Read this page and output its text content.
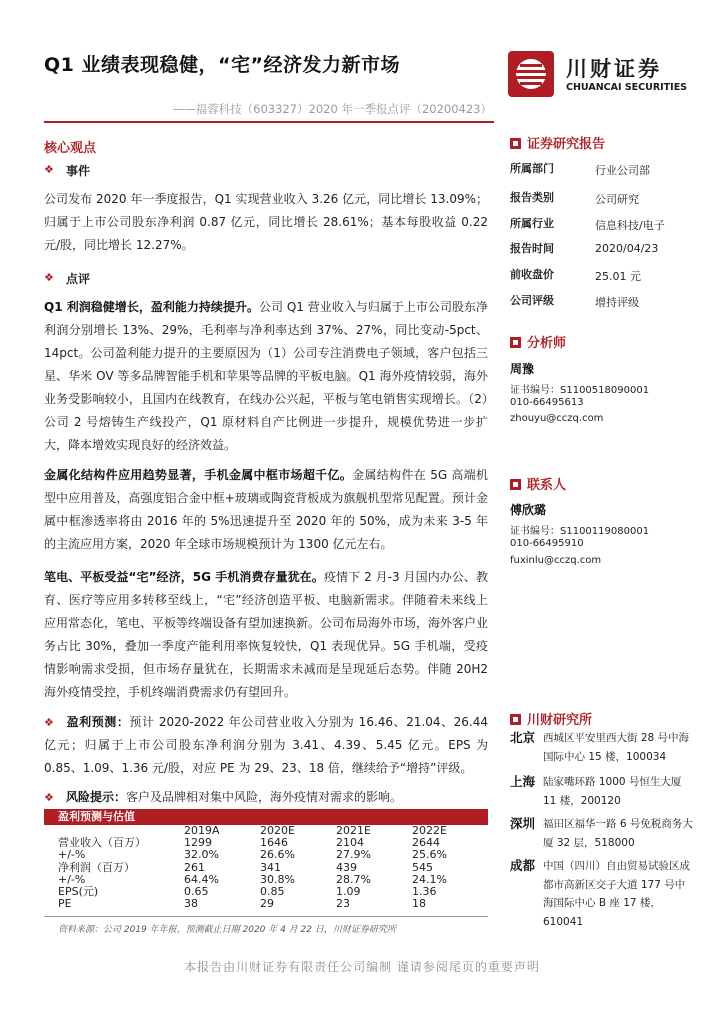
Q1 业绩表现稳健，“宅”经济发力新市场
——福蓉科技（603327）2020 年一季报点评（20200423）
川财证券
CHUANCAI SECURITIES
核心观点
❖ 事件
公司发布 2020 年一季度报告，Q1 实现营业收入 3.26 亿元，同比增长 13.09%；归属于上市公司股东净利润 0.87 亿元，同比增长 28.61%；基本每股收益 0.22 元/股，同比增长 12.27%。
❖ 点评
Q1 利润稳健增长，盈利能力持续提升。公司 Q1 营业收入与归属于上市公司股东净利润分别增长 13%、29%，毛利率与净利率达到 37%、27%，同比变动-5pct、14pct。公司盈利能力提升的主要原因为（1）公司专注消费电子领域，客户包括三星、华米 OV 等多品牌智能手机和苹果等品牌的平板电脑。Q1 海外疫情较弱，海外业务受影响较小，且国内在线教育，在线办公兴起，平板与笔电销售实现增长。（2）公司 2 号熔铸生产线投产，Q1 原材料自产比例进一步提升，规模优势进一步扩大，降本增效实现良好的经济效益。
金属化结构件应用趋势显著，手机金属中框市场超千亿。金属结构件在 5G 高端机型中应用普及，高强度铝合金中框+玻璃或陶瓷背板成为旗舰机型常见配置。预计金属中框渗透率将由 2016 年的 5%迅速提升至 2020 年的 50%，成为未来 3-5 年的主流应用方案，2020 年全球市场规模预计为 1300 亿元左右。
笔电、平板受益“宅”经济，5G 手机消费存量犹在。疫情下 2 月-3 月国内办公、教育、医疗等应用多转移至线上，“宅”经济创造平板、电脑新需求。伴随着未来线上应用常态化，笔电、平板等终端设备有望加速换新。公司布局海外市场，海外客户业务占比 30%，叠加一季度产能利用率恢复较快，Q1 表现优异。5G 手机端，受疫情影响需求受损，但市场存量犹在，长期需求未减而是呈现延后态势。伴随 20H2 海外疫情受控，手机终端消费需求仍有望回升。
❖	盈利预测：预计 2020-2022 年公司营业收入分别为 16.46、21.04、26.44 亿元；归属于上市公司股东净利润分别为 3.41、4.39、5.45 亿元。EPS 为 0.85、1.09、1.36 元/股，对应 PE 为 29、23、18 倍，继续给予“增持”评级。
❖ 风险提示：客户及品牌相对集中风险，海外疫情对需求的影响。
盈利预测与估值
	2019A	2020E	2021E	2022E
营业收入（百万）	1299	1646	2104	2644
+/-%	32.0%	26.6%	27.9%	25.6%
净利润（百万）	261	341	439	545
+/-%	64.4%	30.8%	28.7%	24.1%
EPS(元)	0.65	0.85	1.09	1.36
PE	38	29	23	18
资料来源：公司 2019 年年报，预测截止日期 2020 年 4 月 22 日，川财证券研究所
证券研究报告
所属部门	行业公司部
报告类别	公司研究
所属行业	信息科技/电子
报告时间	2020/04/23
前收盘价	25.01 元
公司评级	增持评级
分析师
周豫
证书编号：S1100518090001
010-66495613
zhouyu@cczq.com
联系人
傅欣璐
证书编号：S1100119080001
010-66495910
fuxinlu@cczq.com
川财研究所
北京 西城区平安里西大街 28 号中海国际中心 15 楼，100034
上海 陆家嘴环路 1000 号恒生大厦 11 楼，200120
深圳 福田区福华一路 6 号免税商务大厦 32 层，518000
成都 中国（四川）自由贸易试验区成都市高新区交子大道 177 号中海国际中心 B 座 17 楼，610041
本报告由川财证券有限责任公司编制 谨请参阅尾页的重要声明
